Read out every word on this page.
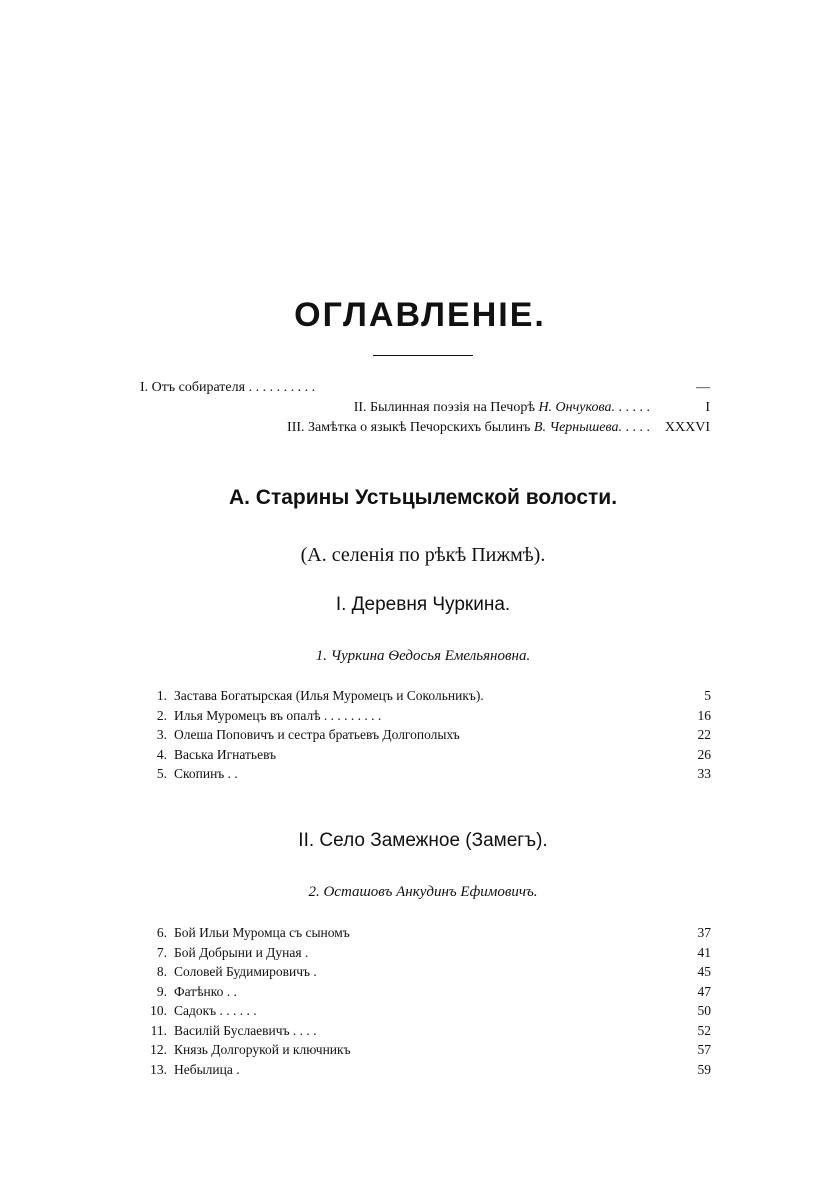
ОГЛАВЛЕНIЕ.
I. Отъ собирателя . . . . . . . . . .	—
II. Былинная поэзія на Печорѣ Н. Ончукова. . . . . .	I
III. Замѣтка о языкѣ Печорскихъ былинъ В. Чернышева. . . . . XXXVI
А. Старины Устьцылемской волости.
(А. селенія по рѣкѣ Пижмѣ).
I. Деревня Чуркина.
1. Чуркина Ѳедосья Емельяновна.
1. Застава Богатырская (Илья Муромецъ и Сокольникъ).	5
2. Илья Муромецъ въ опалѣ . . . . . . . . .	16
3. Олеша Поповичъ и сестра братьевъ Долгополыхъ	22
4. Васька Игнатьевъ	26
5. Скопинъ . .	33
II. Село Замежное (Замегъ).
2. Осташовъ Анкудинъ Ефимовичъ.
6. Бой Ильи Муромца съ сыномъ	37
7. Бой Добрыни и Дуная .	41
8. Соловей Будимировичъ .	45
9. Фатѣнко . .	47
10. Садокъ . . . . . .	50
11. Василій Буслаевичъ . . . .	52
12. Князь Долгорукой и ключникъ	57
13. Небылица .	59
